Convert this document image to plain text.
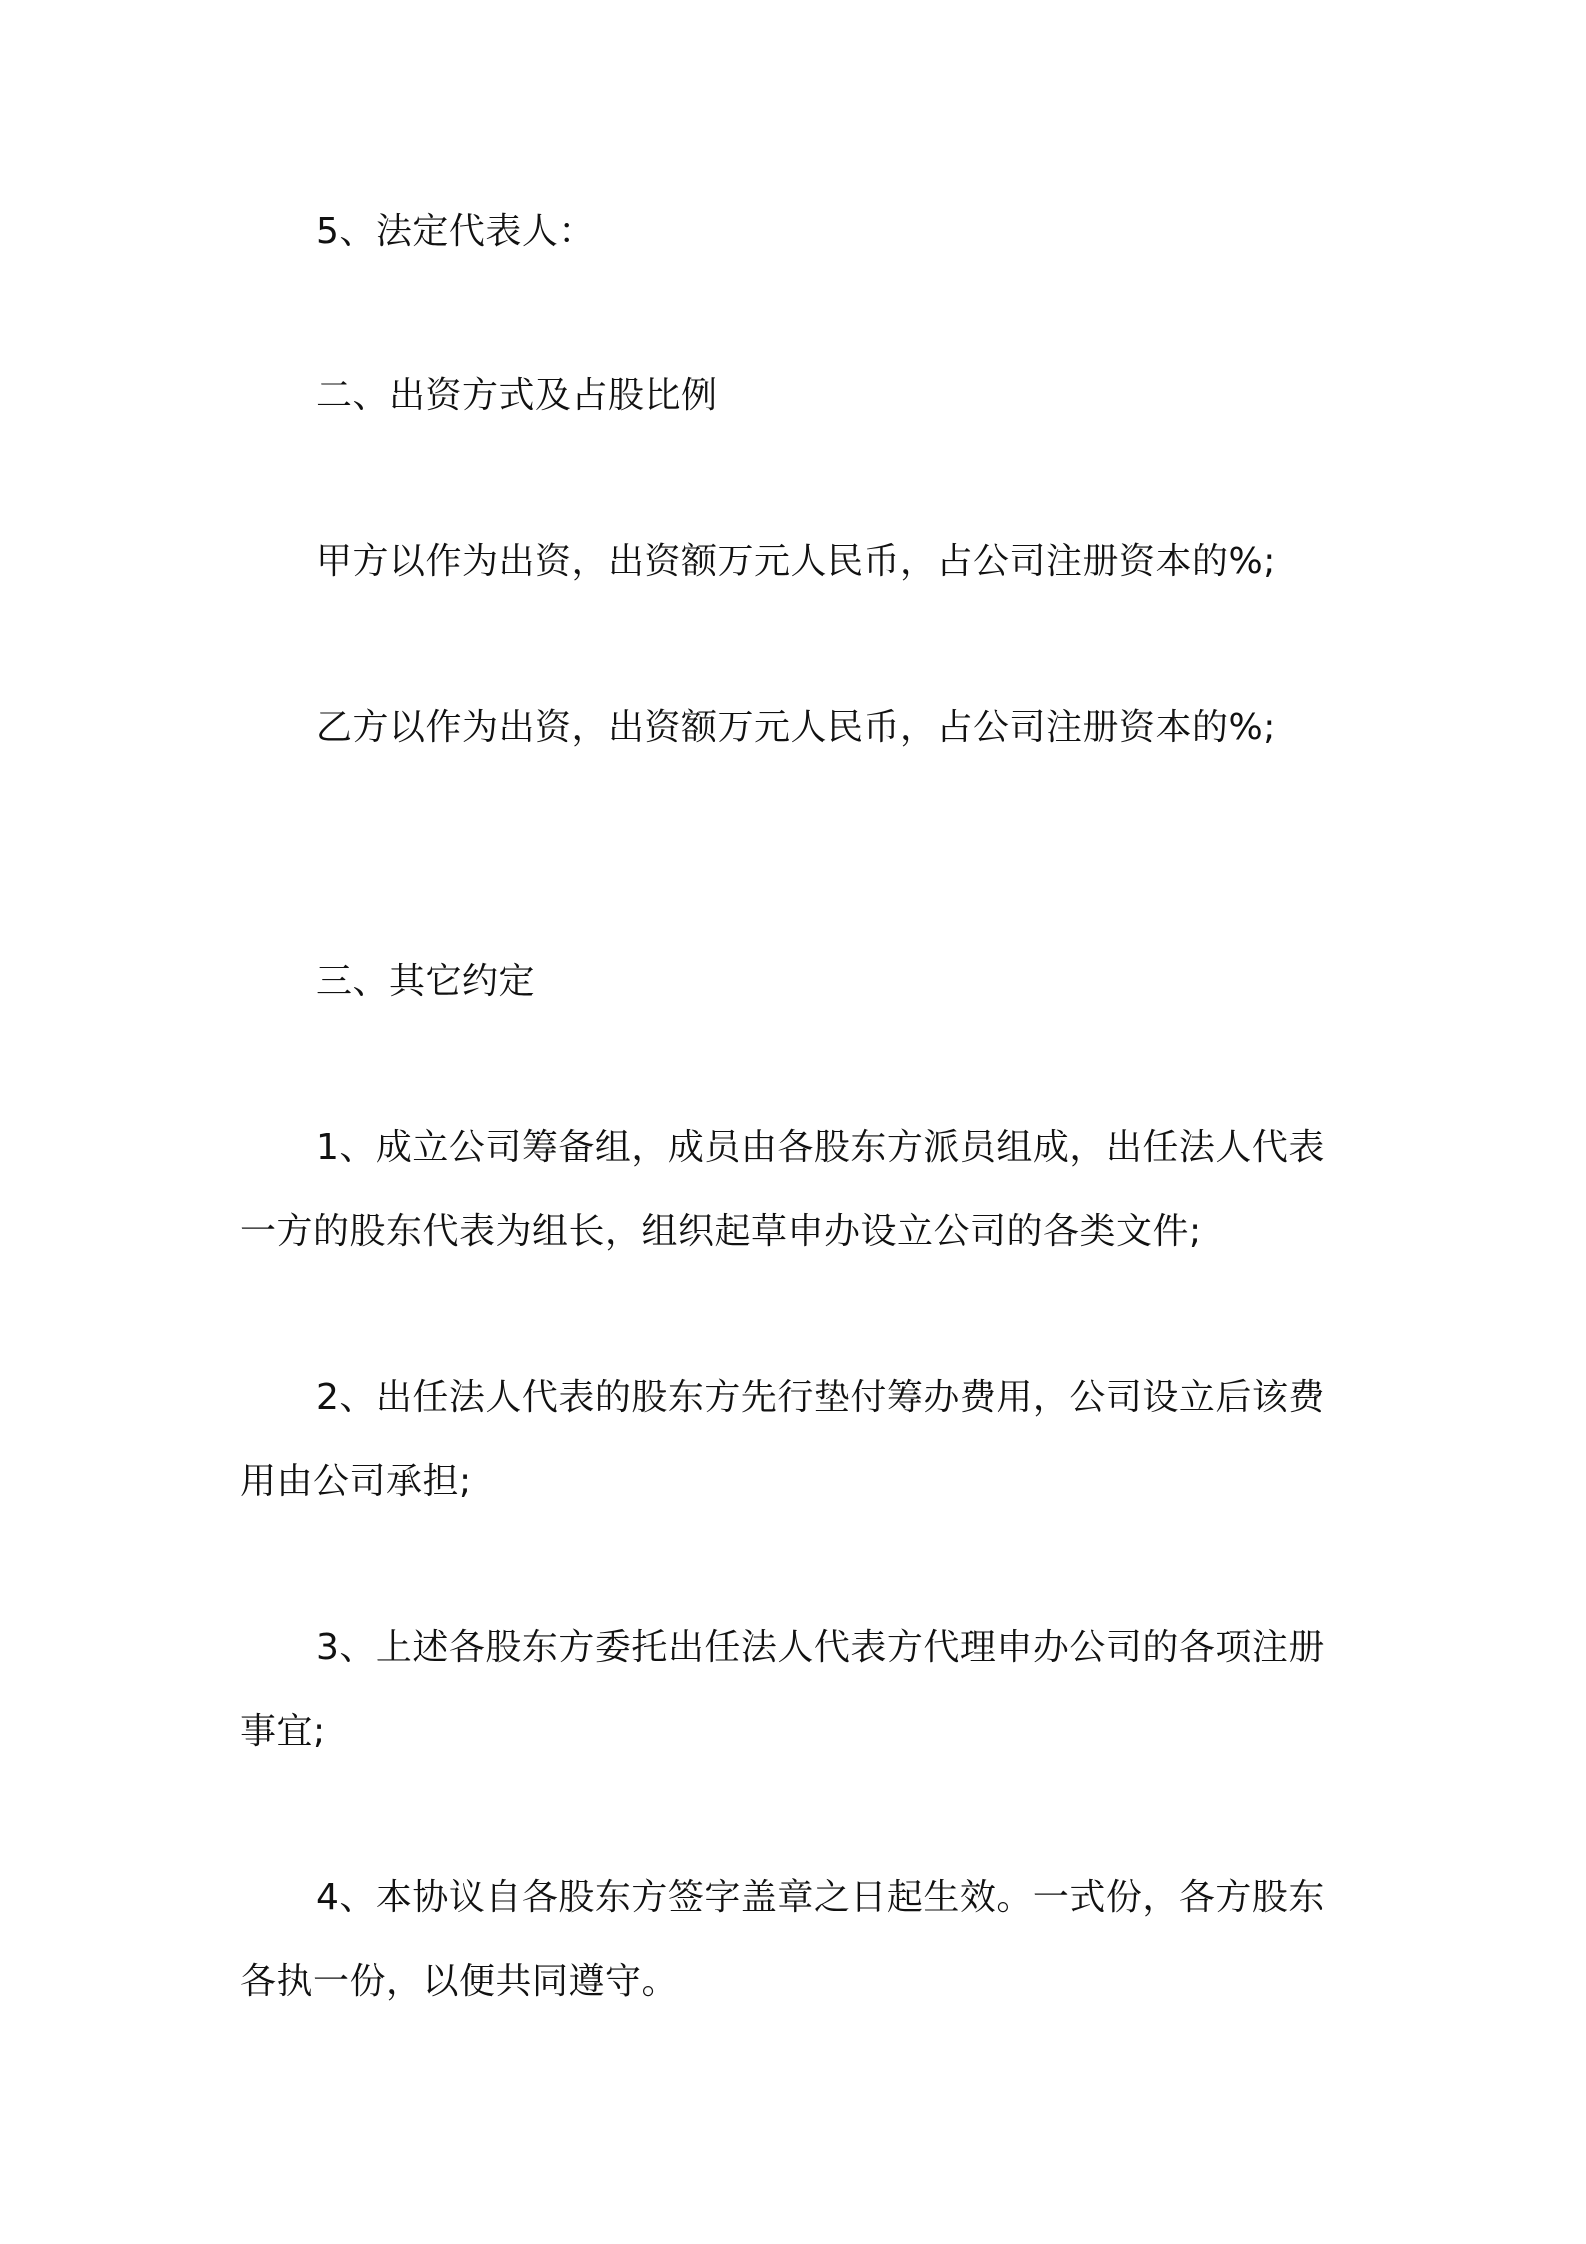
5、法定代表人：
二、出资方式及占股比例
甲方以作为出资，出资额万元人民币，占公司注册资本的%;
乙方以作为出资，出资额万元人民币，占公司注册资本的%;
三、其它约定
1、成立公司筹备组，成员由各股东方派员组成，出任法人代表一方的股东代表为组长，组织起草申办设立公司的各类文件;
2、出任法人代表的股东方先行垫付筹办费用，公司设立后该费用由公司承担;
3、上述各股东方委托出任法人代表方代理申办公司的各项注册事宜;
4、本协议自各股东方签字盖章之日起生效。一式份，各方股东各执一份，以便共同遵守。
